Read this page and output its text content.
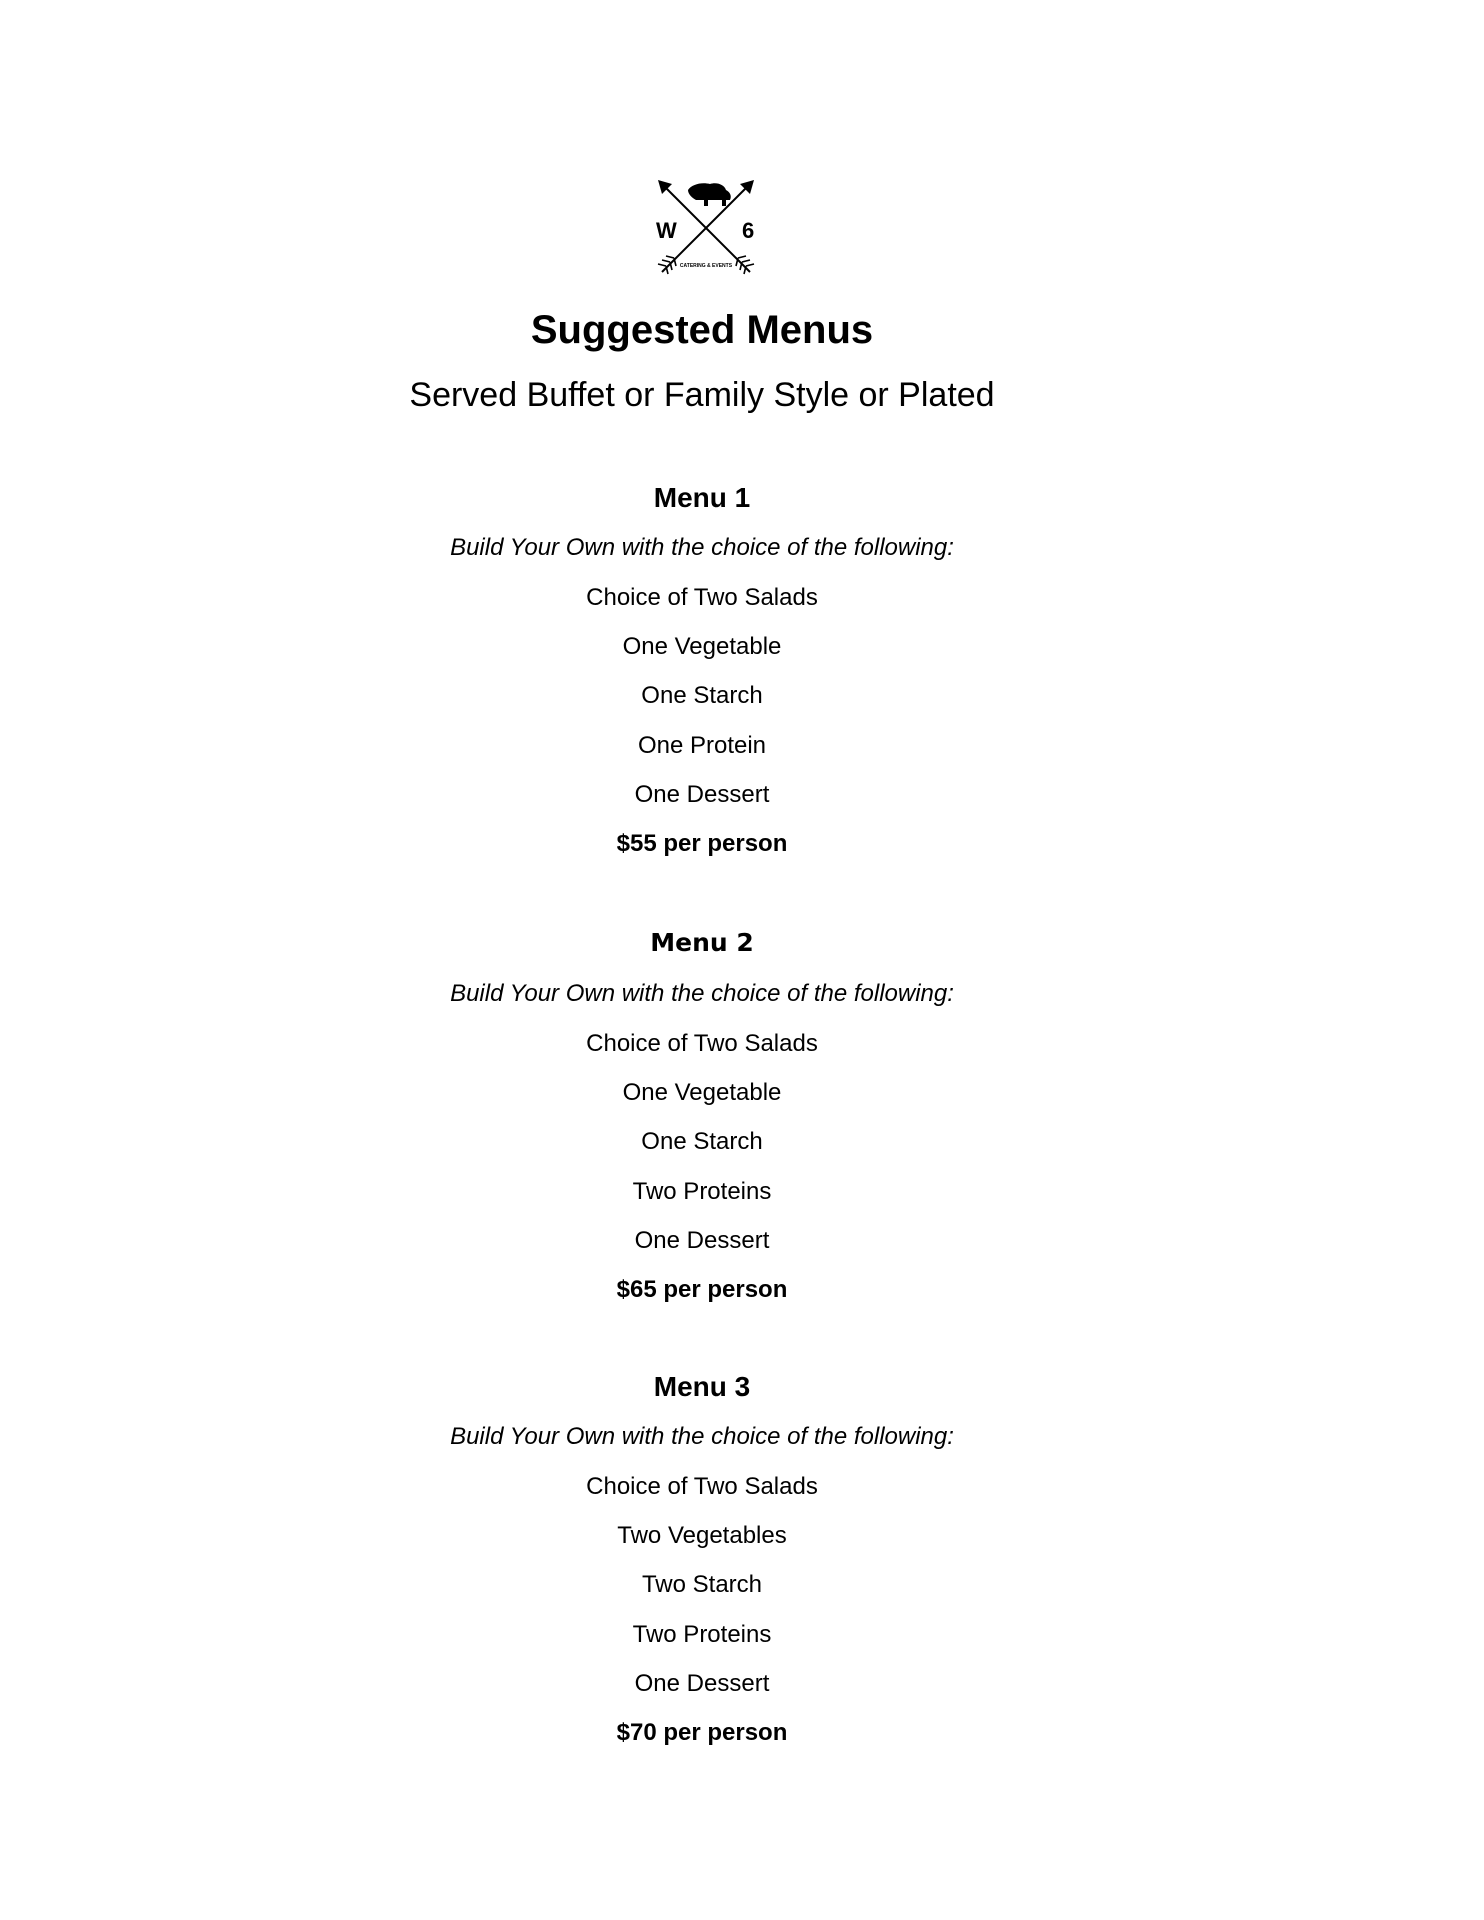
W	6
CATERING & EVENTS
Suggested Menus
Served Buffet or Family Style or Plated
Menu 1
Build Your Own with the choice of the following:
Choice of Two Salads
One Vegetable
One Starch
One Protein
One Dessert
$55 per person
Menu 2
Build Your Own with the choice of the following:
Choice of Two Salads
One Vegetable
One Starch
Two Proteins
One Dessert
$65 per person
Menu 3
Build Your Own with the choice of the following:
Choice of Two Salads
Two Vegetables
Two Starch
Two Proteins
One Dessert
$70 per person
